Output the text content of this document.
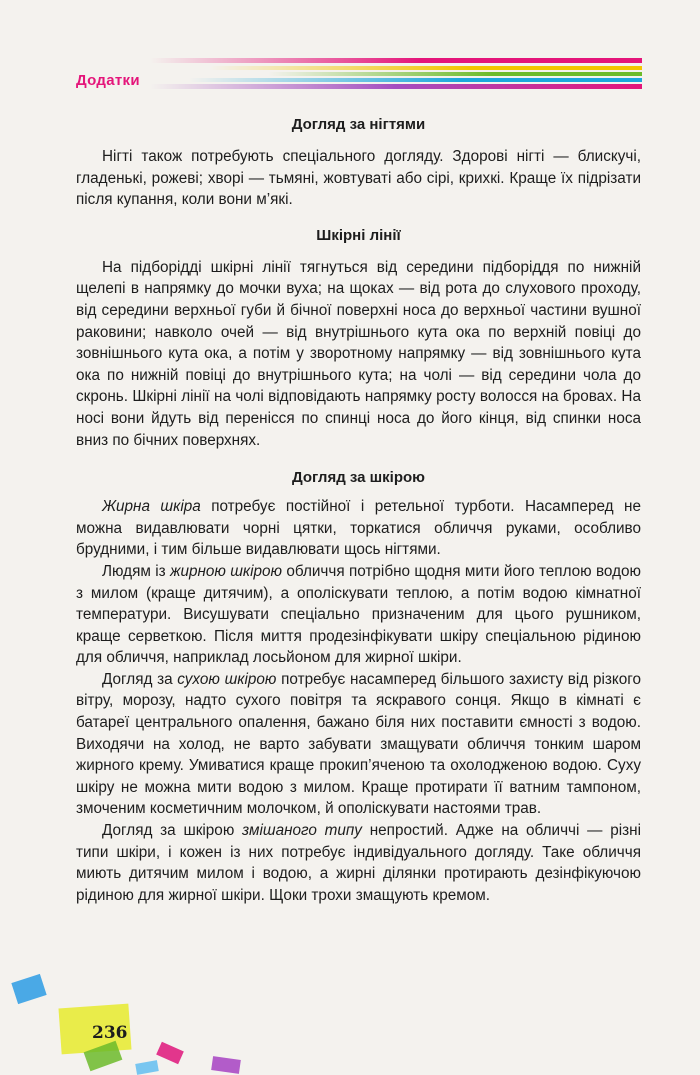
Додатки
Догляд за нігтями

Нігті також потребують спеціального догляду. Здорові нігті — блискучі, гладенькі, рожеві; хворі — тьмяні, жовтуваті або сірі, крихкі. Краще їх підрізати після купання, коли вони м’які.

Шкірні лінії

На підборідді шкірні лінії тягнуться від середини підборіддя по нижній щелепі в напрямку до мочки вуха; на щоках — від рота до слухового проходу, від середини верхньої губи й бічної поверхні носа до верхньої частини вушної раковини; навколо очей — від внутрішнього кута ока по верхній повіці до зовнішнього кута ока, а потім у зворотному напрямку — від зовнішнього кута ока по нижній повіці до внутрішнього кута; на чолі — від середини чола до скронь. Шкірні лінії на чолі відповідають напрямку росту волосся на бровах. На носі вони йдуть від перенісся по спинці носа до його кінця, від спинки носа вниз по бічних поверхнях.

Догляд за шкірою

Жирна шкіра потребує постійної і ретельної турботи. Насамперед не можна видавлювати чорні цятки, торкатися обличчя руками, особливо брудними, і тим більше видавлювати щось нігтями.

Людям із жирною шкірою обличчя потрібно щодня мити його теплою водою з милом (краще дитячим), а ополіскувати теплою, а потім водою кімнатної температури. Висушувати спеціально призначеним для цього рушником, краще серветкою. Після миття продезінфікувати шкіру спеціальною рідиною для обличчя, наприклад лосьйоном для жирної шкіри.

Догляд за сухою шкірою потребує насамперед більшого захисту від різкого вітру, морозу, надто сухого повітря та яскравого сонця. Якщо в кімнаті є батареї центрального опалення, бажано біля них поставити ємності з водою. Виходячи на холод, не варто забувати змащувати обличчя тонким шаром жирного крему. Умиватися краще прокип’яченою та охолодженою водою. Суху шкіру не можна мити водою з милом. Краще протирати її ватним тампоном, змоченим косметичним молочком, й ополіскувати настоями трав.

Догляд за шкірою змішаного типу непростий. Адже на обличчі — різні типи шкіри, і кожен із них потребує індивідуального догляду. Таке обличчя миють дитячим милом і водою, а жирні ділянки протирають дезінфікуючою рідиною для жирної шкіри. Щоки трохи змащують кремом.

236
